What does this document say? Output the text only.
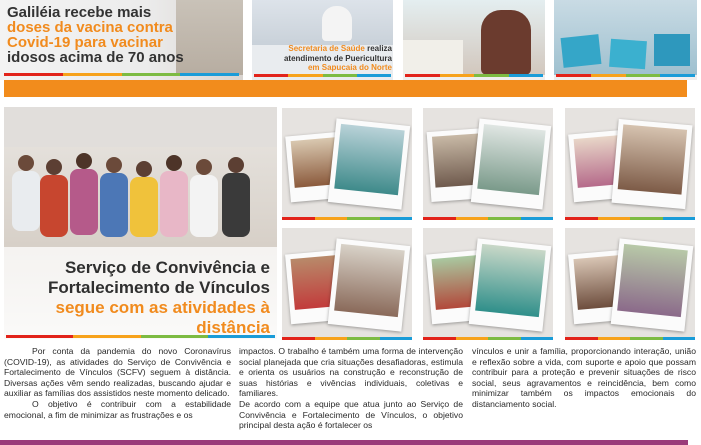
Galiléia recebe mais
doses da vacina contra
Covid-19 para vacinar
idosos acima de 70 anos
Secretaria de Saúde realiza
atendimento de Puericultura
em Sapucaia do Norte
Serviço de Convivência e Fortalecimento de Vínculos segue com as atividades à distância

Por conta da pandemia do novo Coronavírus (COVID-19), as atividades do Serviço de Convivência e Fortalecimento de Vínculos (SCFV) seguem à distância. Diversas ações vêm sendo realizadas, buscando ajudar e auxiliar as famílias dos assistidos neste momento delicado.

O objetivo é contribuir com a estabilidade emocional, a fim de minimizar as frustrações e os

impactos. O trabalho é também uma forma de intervenção social planejada que cria situações desafiadoras, estimula e orienta os usuários na construção e reconstrução de suas histórias e vivências individuais, coletivas e familiares.

De acordo com a equipe que atua junto ao Serviço de Convivência e Fortalecimento de Vínculos, o objetivo principal desta ação é fortalecer os

vínculos e unir a família, proporcionando interação, união e reflexão sobre a vida, com suporte e apoio que possam contribuir para a proteção e prevenir situações de risco social, seus agravamentos e reincidência, bem como minimizar também os impactos emocionais do distanciamento social.
